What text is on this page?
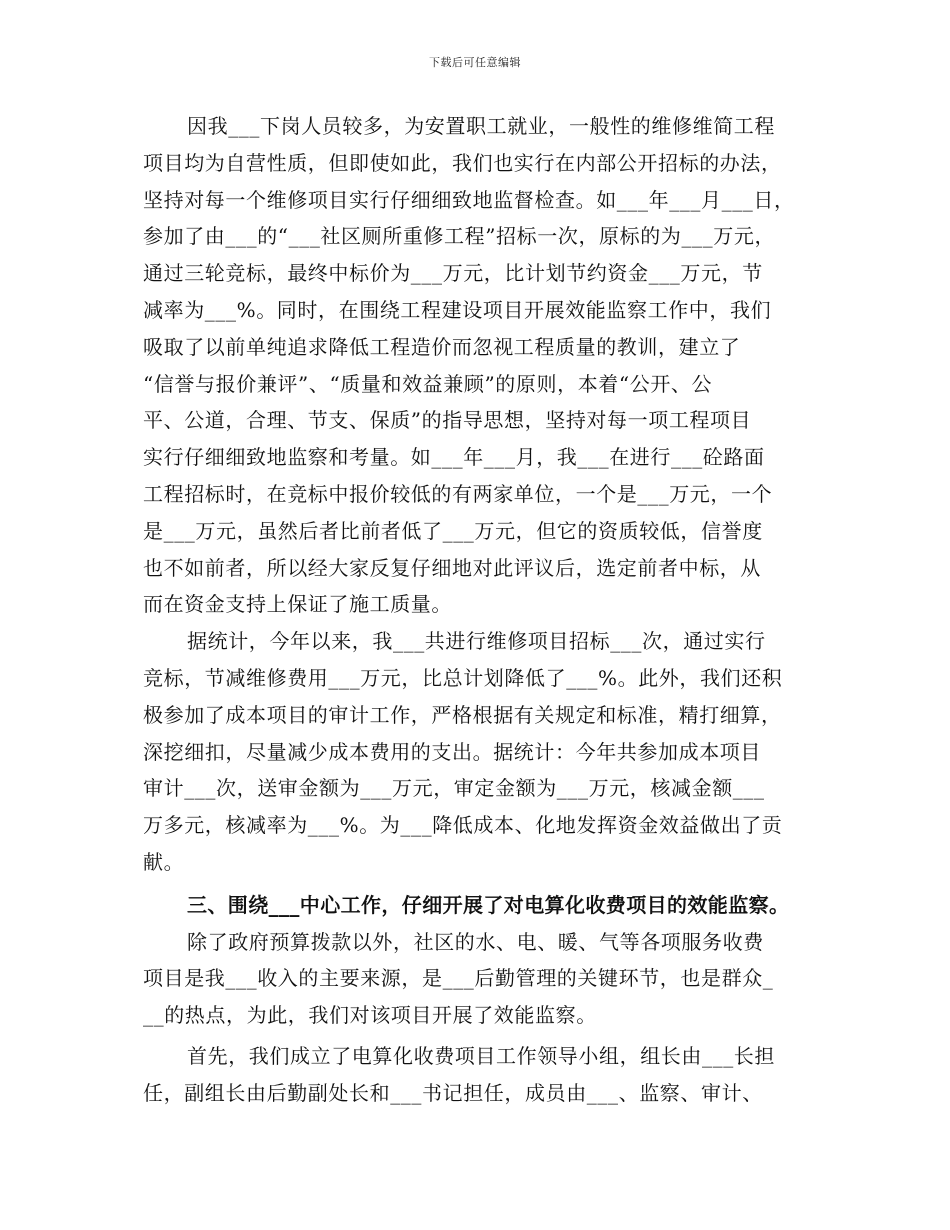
下载后可任意编辑
因我___下岗人员较多，为安置职工就业，一般性的维修维简工程
项目均为自营性质，但即使如此，我们也实行在内部公开招标的办法，
坚持对每一个维修项目实行仔细细致地监督检查。如___年___月___日，
参加了由___的“___社区厕所重修工程”招标一次，原标的为___万元，
通过三轮竞标，最终中标价为___万元，比计划节约资金___万元，节
减率为___%。同时，在围绕工程建设项目开展效能监察工作中，我们
吸取了以前单纯追求降低工程造价而忽视工程质量的教训，建立了
“信誉与报价兼评”、“质量和效益兼顾”的原则，本着“公开、公
平、公道，合理、节支、保质”的指导思想，坚持对每一项工程项目
实行仔细细致地监察和考量。如___年___月，我___在进行___砼路面
工程招标时，在竞标中报价较低的有两家单位，一个是___万元，一个
是___万元，虽然后者比前者低了___万元，但它的资质较低，信誉度
也不如前者，所以经大家反复仔细地对此评议后，选定前者中标，从
而在资金支持上保证了施工质量。
据统计，今年以来，我___共进行维修项目招标___次，通过实行
竞标，节减维修费用___万元，比总计划降低了___%。此外，我们还积
极参加了成本项目的审计工作，严格根据有关规定和标准，精打细算，
深挖细扣，尽量减少成本费用的支出。据统计：今年共参加成本项目
审计___次，送审金额为___万元，审定金额为___万元，核减金额___
万多元，核减率为___%。为___降低成本、化地发挥资金效益做出了贡
献。
三、围绕___中心工作，仔细开展了对电算化收费项目的效能监察。
除了政府预算拨款以外，社区的水、电、暖、气等各项服务收费
项目是我___收入的主要来源，是___后勤管理的关键环节，也是群众_
__的热点，为此，我们对该项目开展了效能监察。
首先，我们成立了电算化收费项目工作领导小组，组长由___长担
任，副组长由后勤副处长和___书记担任，成员由___、监察、审计、
